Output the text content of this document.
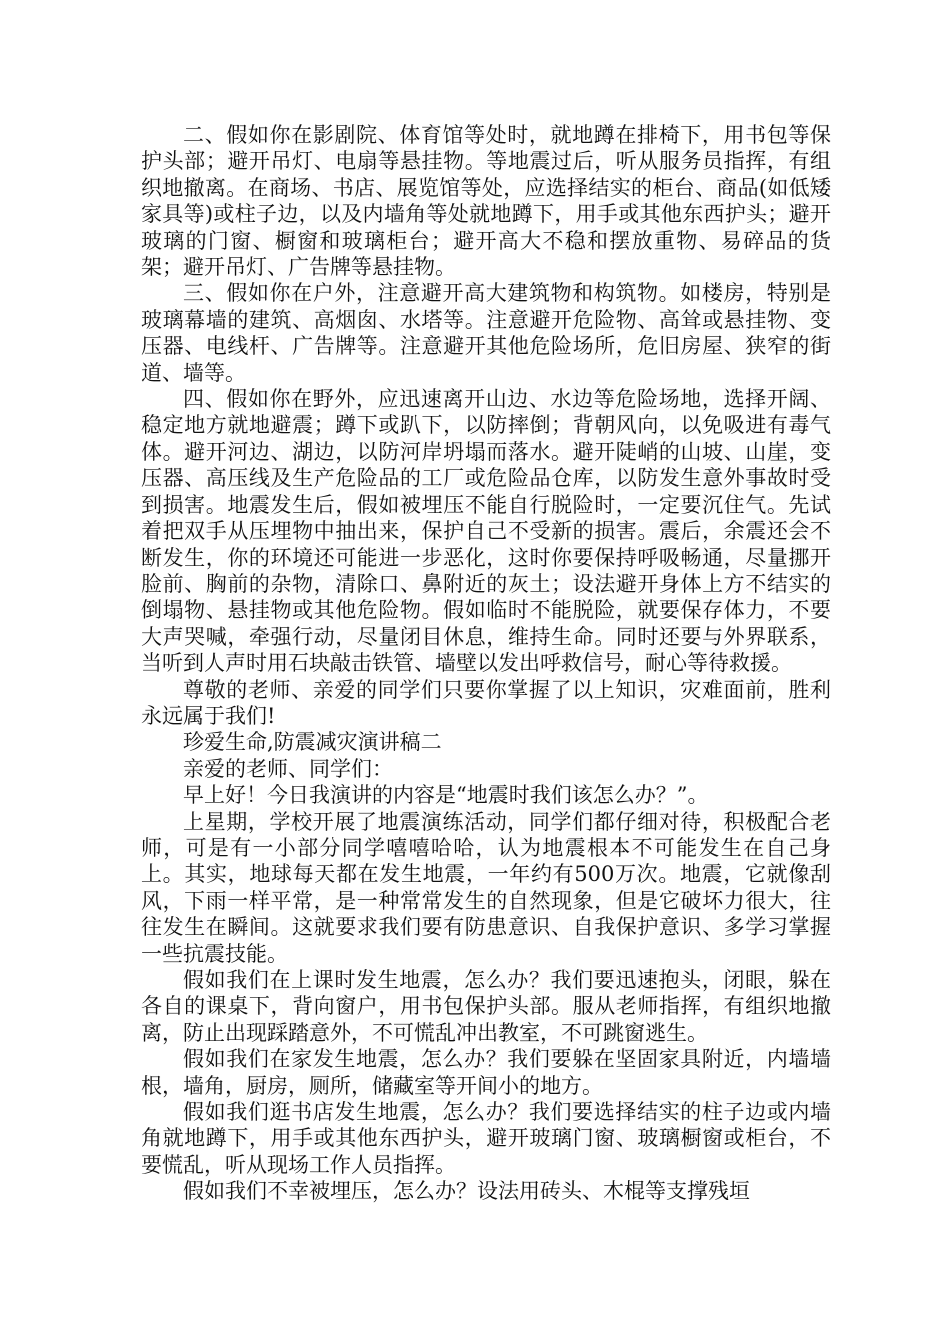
二、假如你在影剧院、体育馆等处时，就地蹲在排椅下，用书包等保护头部；避开吊灯、电扇等悬挂物。等地震过后，听从服务员指挥，有组织地撤离。在商场、书店、展览馆等处，应选择结实的柜台、商品(如低矮家具等)或柱子边，以及内墙角等处就地蹲下，用手或其他东西护头；避开玻璃的门窗、橱窗和玻璃柜台；避开高大不稳和摆放重物、易碎品的货架；避开吊灯、广告牌等悬挂物。

三、假如你在户外，注意避开高大建筑物和构筑物。如楼房，特别是玻璃幕墙的建筑、高烟囱、水塔等。注意避开危险物、高耸或悬挂物、变压器、电线杆、广告牌等。注意避开其他危险场所，危旧房屋、狭窄的街道、墙等。

四、假如你在野外，应迅速离开山边、水边等危险场地，选择开阔、稳定地方就地避震；蹲下或趴下，以防摔倒；背朝风向，以免吸进有毒气体。避开河边、湖边，以防河岸坍塌而落水。避开陡峭的山坡、山崖，变压器、高压线及生产危险品的工厂或危险品仓库，以防发生意外事故时受到损害。地震发生后，假如被埋压不能自行脱险时，一定要沉住气。先试着把双手从压埋物中抽出来，保护自己不受新的损害。震后，余震还会不断发生，你的环境还可能进一步恶化，这时你要保持呼吸畅通，尽量挪开脸前、胸前的杂物，清除口、鼻附近的灰土；设法避开身体上方不结实的倒塌物、悬挂物或其他危险物。假如临时不能脱险，就要保存体力，不要大声哭喊，牵强行动，尽量闭目休息，维持生命。同时还要与外界联系，当听到人声时用石块敲击铁管、墙壁以发出呼救信号，耐心等待救援。

尊敬的老师、亲爱的同学们只要你掌握了以上知识，灾难面前，胜利永远属于我们!

珍爱生命,防震减灾演讲稿二

亲爱的老师、同学们：

早上好！今日我演讲的内容是“地震时我们该怎么办？”。

上星期，学校开展了地震演练活动，同学们都仔细对待，积极配合老师，可是有一小部分同学嘻嘻哈哈，认为地震根本不可能发生在自己身上。其实，地球每天都在发生地震，一年约有500万次。地震，它就像刮风，下雨一样平常，是一种常常发生的自然现象，但是它破坏力很大，往往发生在瞬间。这就要求我们要有防患意识、自我保护意识、多学习掌握一些抗震技能。

假如我们在上课时发生地震，怎么办？我们要迅速抱头，闭眼，躲在各自的课桌下，背向窗户，用书包保护头部。服从老师指挥，有组织地撤离，防止出现踩踏意外，不可慌乱冲出教室，不可跳窗逃生。

假如我们在家发生地震，怎么办？我们要躲在坚固家具附近，内墙墙根，墙角，厨房，厕所，储藏室等开间小的地方。

假如我们逛书店发生地震，怎么办？我们要选择结实的柱子边或内墙角就地蹲下，用手或其他东西护头，避开玻璃门窗、玻璃橱窗或柜台，不要慌乱，听从现场工作人员指挥。

假如我们不幸被埋压，怎么办？设法用砖头、木棍等支撑残垣
